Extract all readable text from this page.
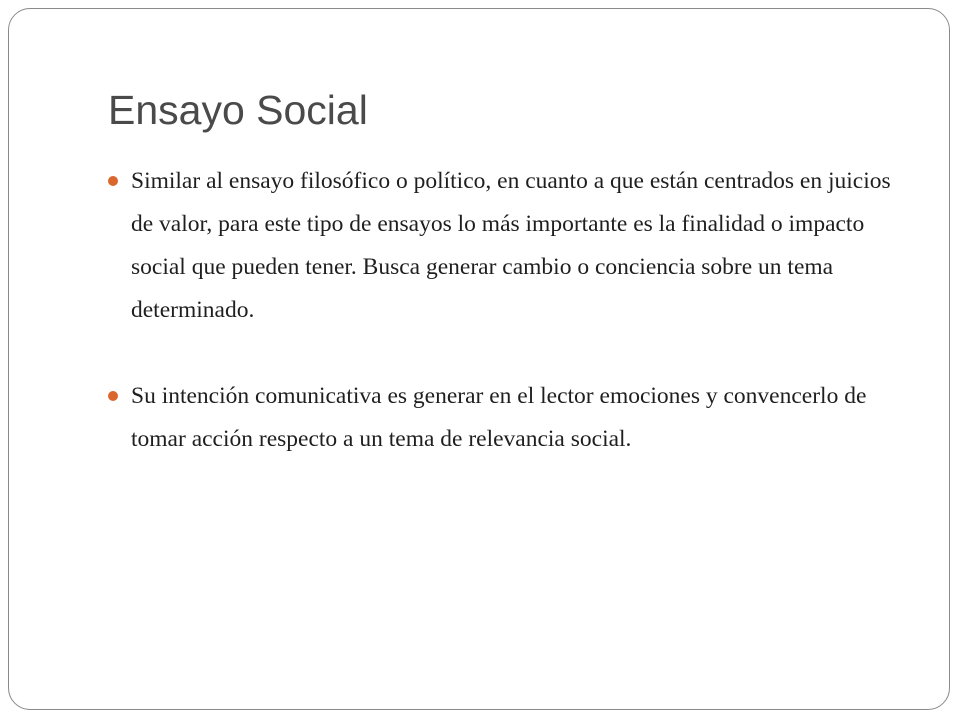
Ensayo Social
Similar al ensayo filosófico o político, en cuanto a que están centrados en juicios de valor, para este tipo de ensayos lo más importante es la finalidad o impacto social que pueden tener. Busca generar cambio o conciencia sobre un tema determinado.
Su intención comunicativa es generar en el lector emociones y convencerlo de tomar acción respecto a un tema de relevancia social.
